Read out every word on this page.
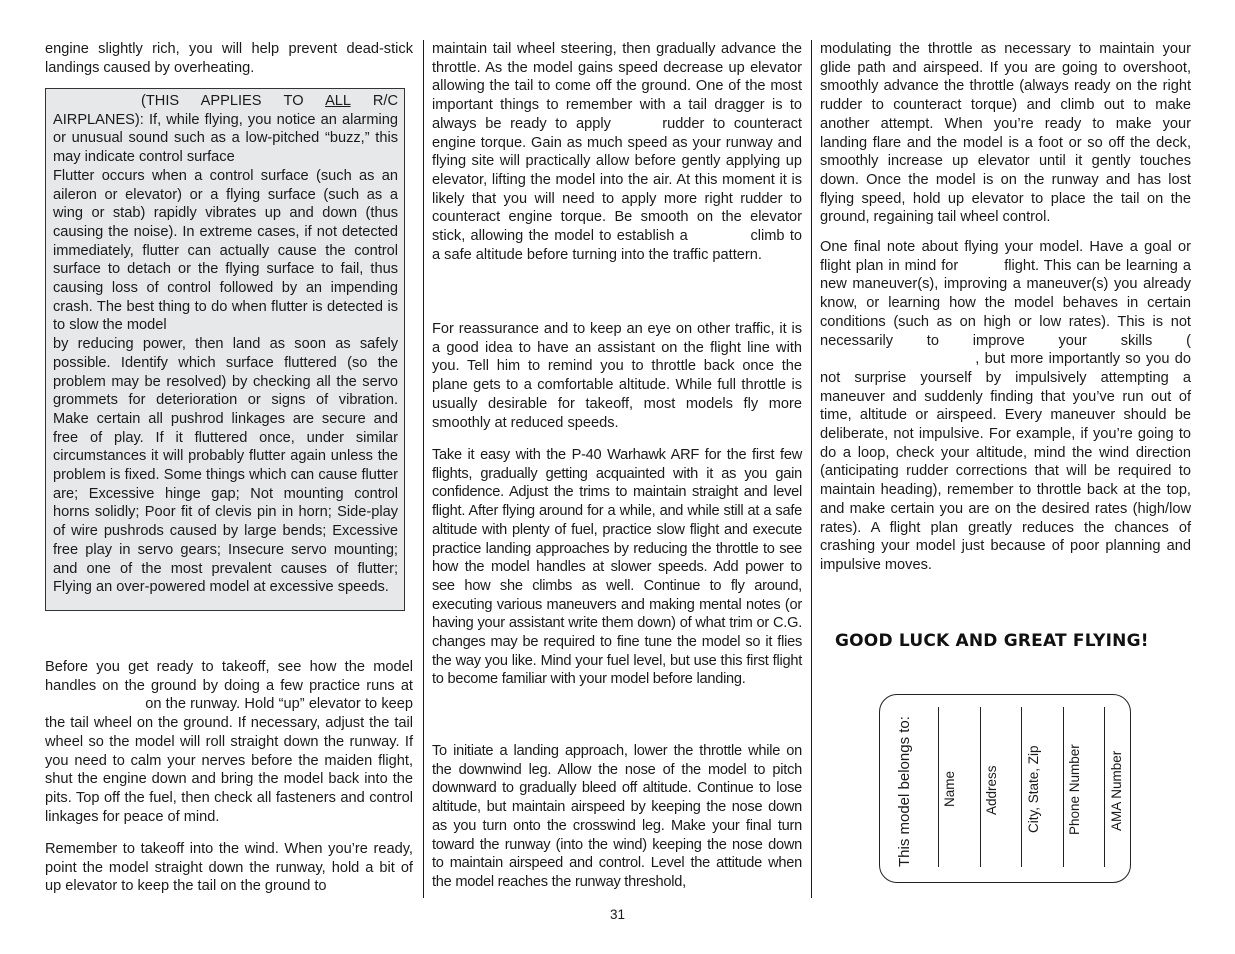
engine slightly rich, you will help prevent dead-stick landings caused by overheating.

(THIS APPLIES TO ALL R/C AIRPLANES): If, while flying, you notice an alarming or unusual sound such as a low-pitched “buzz,” this may indicate control surface

Flutter occurs when a control surface (such as an aileron or elevator) or a flying surface (such as a wing or stab) rapidly vibrates up and down (thus causing the noise). In extreme cases, if not detected immediately, flutter can actually cause the control surface to detach or the flying surface to fail, thus causing loss of control followed by an impending crash. The best thing to do when flutter is detected is to slow the model

by reducing power, then land as soon as safely possible. Identify which surface fluttered (so the problem may be resolved) by checking all the servo grommets for deterioration or signs of vibration. Make certain all pushrod linkages are secure and free of play. If it fluttered once, under similar circumstances it will probably flutter again unless the problem is fixed. Some things which can cause flutter are; Excessive hinge gap; Not mounting control horns solidly; Poor fit of clevis pin in horn; Side-play of wire pushrods caused by large bends; Excessive free play in servo gears; Insecure servo mounting; and one of the most prevalent causes of flutter; Flying an over-powered model at excessive speeds.

Before you get ready to takeoff, see how the model handles on the ground by doing a few practice runs at  on the runway. Hold “up” elevator to keep the tail wheel on the ground. If necessary, adjust the tail wheel so the model will roll straight down the runway. If you need to calm your nerves before the maiden flight, shut the engine down and bring the model back into the pits. Top off the fuel, then check all fasteners and control linkages for peace of mind.

Remember to takeoff into the wind. When you’re ready, point the model straight down the runway, hold a bit of up elevator to keep the tail on the ground to

maintain tail wheel steering, then gradually advance the throttle. As the model gains speed decrease up elevator allowing the tail to come off the ground. One of the most important things to remember with a tail dragger is to always be ready to apply	rudder to counteract engine torque. Gain as much speed as your runway and flying site will practically allow before gently applying up elevator, lifting the model into the air. At this moment it is likely that you will need to apply more right rudder to counteract engine torque. Be smooth on the elevator stick, allowing the model to establish a	climb to a safe altitude before turning into the traffic pattern.

For reassurance and to keep an eye on other traffic, it is a good idea to have an assistant on the flight line with you. Tell him to remind you to throttle back once the plane gets to a comfortable altitude. While full throttle is usually desirable for takeoff, most models fly more smoothly at reduced speeds.

Take it easy with the P-40 Warhawk ARF for the first few flights, gradually getting acquainted with it as you gain confidence. Adjust the trims to maintain straight and level flight. After flying around for a while, and while still at a safe altitude with plenty of fuel, practice slow flight and execute practice landing approaches by reducing the throttle to see how the model handles at slower speeds. Add power to see how she climbs as well. Continue to fly around, executing various maneuvers and making mental notes (or having your assistant write them down) of what trim or C.G. changes may be required to fine tune the model so it flies the way you like. Mind your fuel level, but use this first flight to become familiar with your model before landing.

To initiate a landing approach, lower the throttle while on the downwind leg. Allow the nose of the model to pitch downward to gradually bleed off altitude. Continue to lose altitude, but maintain airspeed by keeping the nose down as you turn onto the crosswind leg. Make your final turn toward the runway (into the wind) keeping the nose down to maintain airspeed and control. Level the attitude when the model reaches the runway threshold,

modulating the throttle as necessary to maintain your glide path and airspeed. If you are going to overshoot, smoothly advance the throttle (always ready on the right rudder to counteract torque) and climb out to make another attempt. When you’re ready to make your landing flare and the model is a foot or so off the deck, smoothly increase up elevator until it gently touches down. Once the model is on the runway and has lost flying speed, hold up elevator to place the tail on the ground, regaining tail wheel control.

One final note about flying your model. Have a goal or flight plan in mind for	flight. This can be learning a new maneuver(s), improving a maneuver(s) you already know, or learning how the model behaves in certain conditions (such as on high or low rates). This is not necessarily to improve your skills (  , but more importantly so you do not surprise yourself by impulsively attempting a maneuver and suddenly finding that you’ve run out of time, altitude or airspeed. Every maneuver should be deliberate, not impulsive. For example, if you’re going to do a loop, check your altitude, mind the wind direction (anticipating rudder corrections that will be required to maintain heading), remember to throttle back at the top, and make certain you are on the desired rates (high/low rates). A flight plan greatly reduces the chances of crashing your model just because of poor planning and impulsive moves.

GOOD LUCK AND GREAT FLYING!
This model belongs to: Name Address City, State, Zip Phone Number AMA Number
31
